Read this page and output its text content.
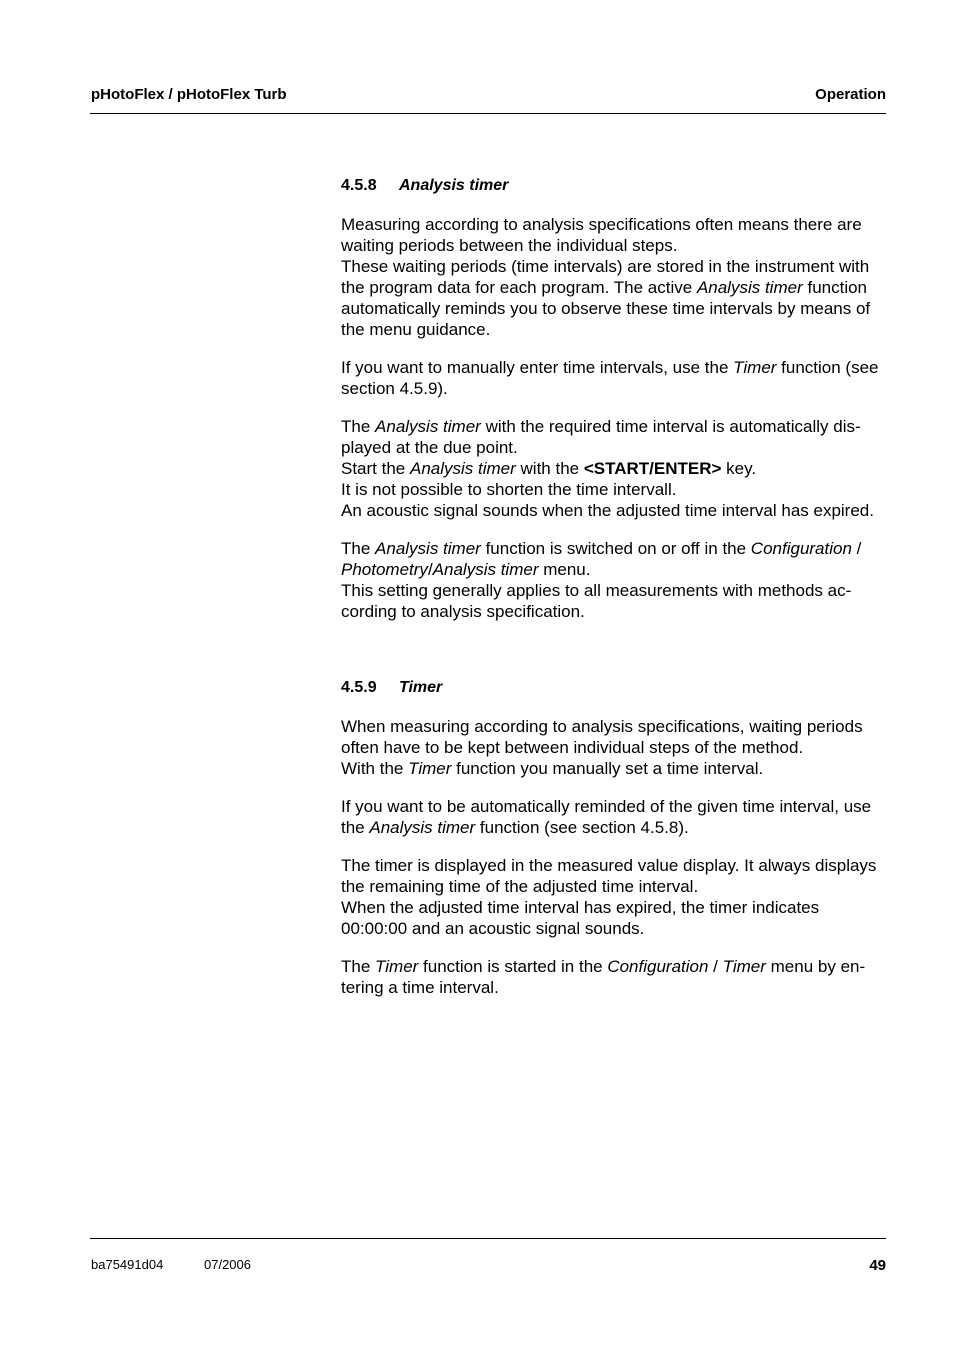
pHotoFlex / pHotoFlex Turb	Operation
4.5.8 Analysis timer

Measuring according to analysis specifications often means there are

waiting periods between the individual steps.

These waiting periods (time intervals) are stored in the instrument with

the program data for each program. The active Analysis timer function

automatically reminds you to observe these time intervals by means of

the menu guidance.

If you want to manually enter time intervals, use the Timer function (see

section 4.5.9).

The Analysis timer with the required time interval is automatically dis-

played at the due point.

Start the Analysis timer with the <START/ENTER> key.

It is not possible to shorten the time intervall.

An acoustic signal sounds when the adjusted time interval has expired.

The Analysis timer function is switched on or off in the Configuration /

Photometry/Analysis timer menu.

This setting generally applies to all measurements with methods ac-

cording to analysis specification.

4.5.9 Timer

When measuring according to analysis specifications, waiting periods

often have to be kept between individual steps of the method.

With the Timer function you manually set a time interval.

If you want to be automatically reminded of the given time interval, use

the Analysis timer function (see section 4.5.8).

The timer is displayed in the measured value display. It always displays

the remaining time of the adjusted time interval.

When the adjusted time interval has expired, the timer indicates

00:00:00 and an acoustic signal sounds.

The Timer function is started in the Configuration / Timer menu by en-

tering a time interval.

ba75491d04	07/2006	49
